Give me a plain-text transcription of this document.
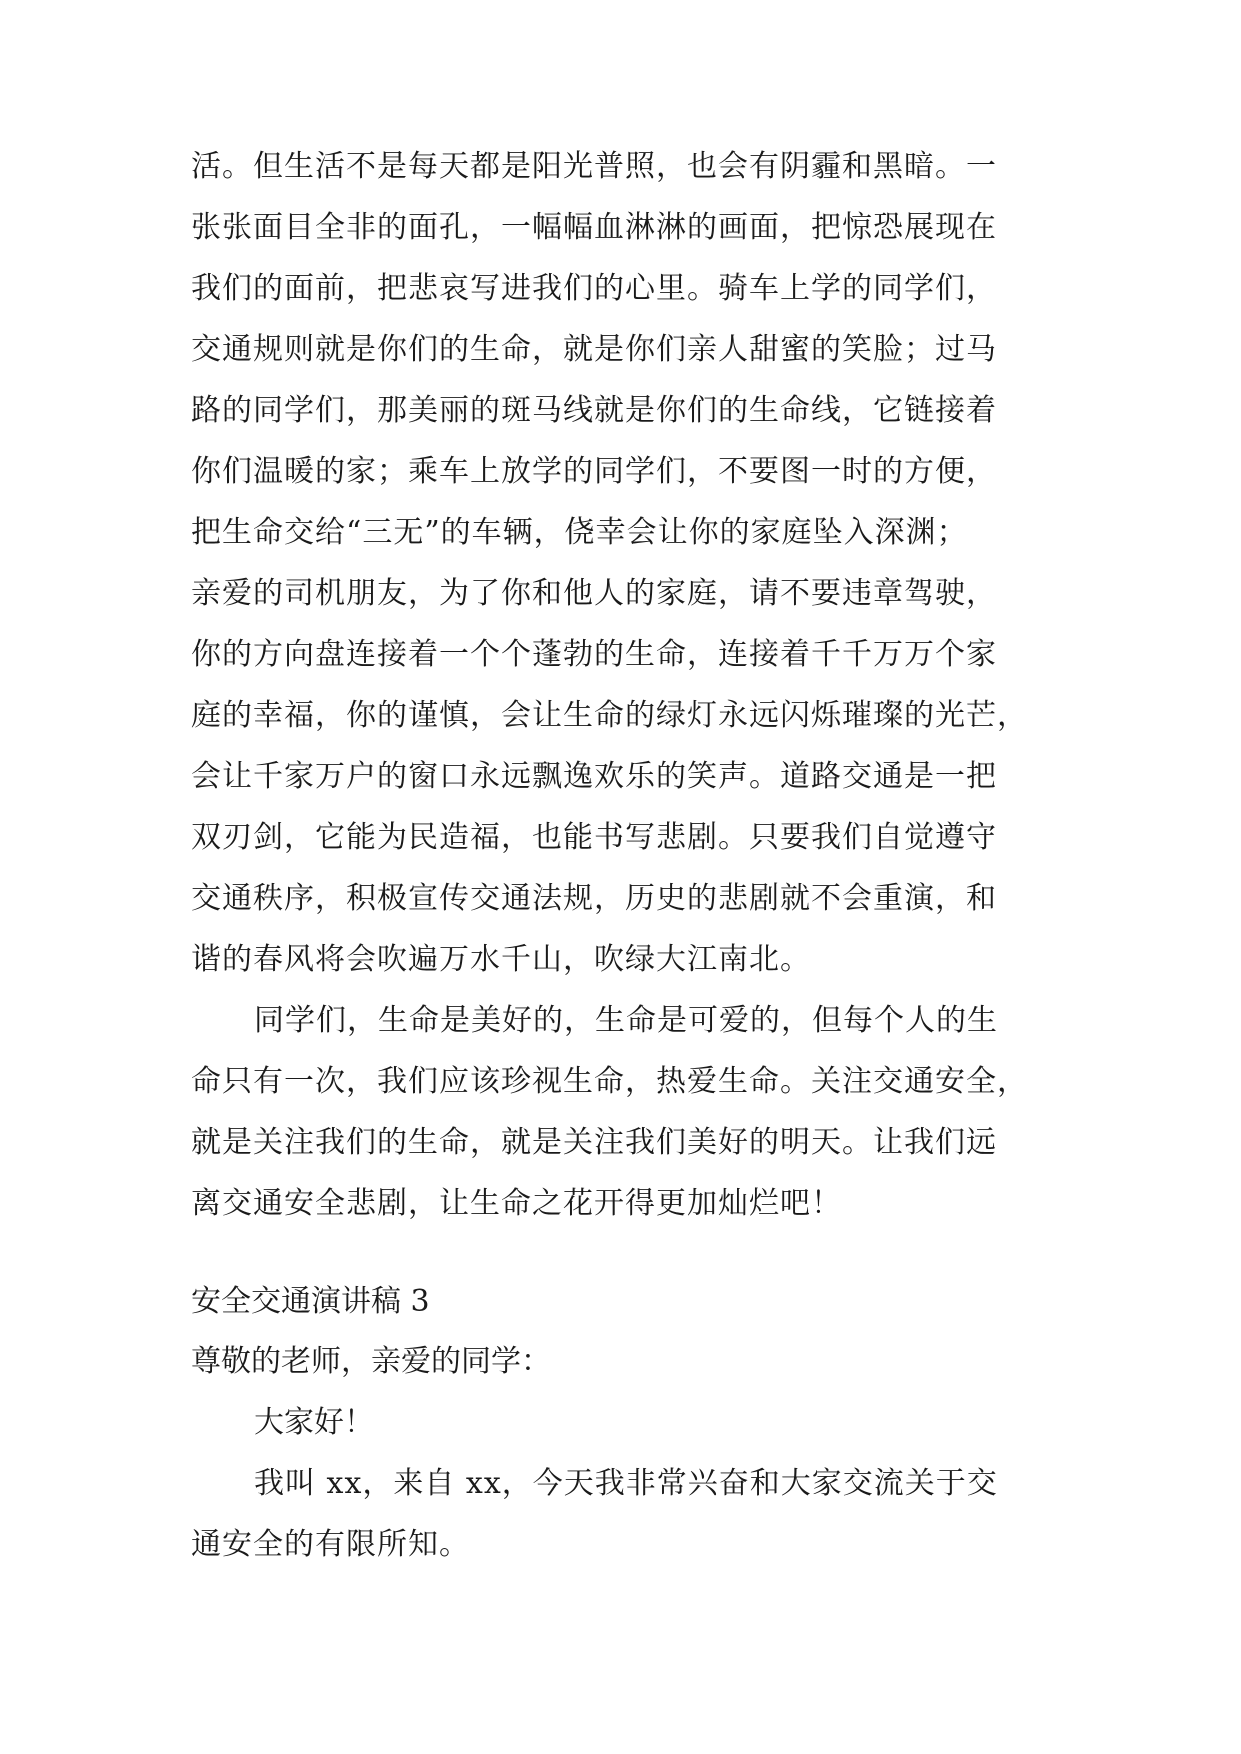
活。但生活不是每天都是阳光普照，也会有阴霾和黑暗。一
张张面目全非的面孔，一幅幅血淋淋的画面，把惊恐展现在
我们的面前，把悲哀写进我们的心里。骑车上学的同学们，
交通规则就是你们的生命，就是你们亲人甜蜜的笑脸；过马
路的同学们，那美丽的斑马线就是你们的生命线，它链接着
你们温暖的家；乘车上放学的同学们，不要图一时的方便，
把生命交给“三无”的车辆，侥幸会让你的家庭坠入深渊；
亲爱的司机朋友，为了你和他人的家庭，请不要违章驾驶，
你的方向盘连接着一个个蓬勃的生命，连接着千千万万个家
庭的幸福，你的谨慎，会让生命的绿灯永远闪烁璀璨的光芒，
会让千家万户的窗口永远飘逸欢乐的笑声。道路交通是一把
双刃剑，它能为民造福，也能书写悲剧。只要我们自觉遵守
交通秩序，积极宣传交通法规，历史的悲剧就不会重演，和
谐的春风将会吹遍万水千山，吹绿大江南北。
同学们，生命是美好的，生命是可爱的，但每个人的生
命只有一次，我们应该珍视生命，热爱生命。关注交通安全，
就是关注我们的生命，就是关注我们美好的明天。让我们远
离交通安全悲剧，让生命之花开得更加灿烂吧！
安全交通演讲稿 3
尊敬的老师，亲爱的同学：
大家好！
我叫 xx，来自 xx，今天我非常兴奋和大家交流关于交
通安全的有限所知。
